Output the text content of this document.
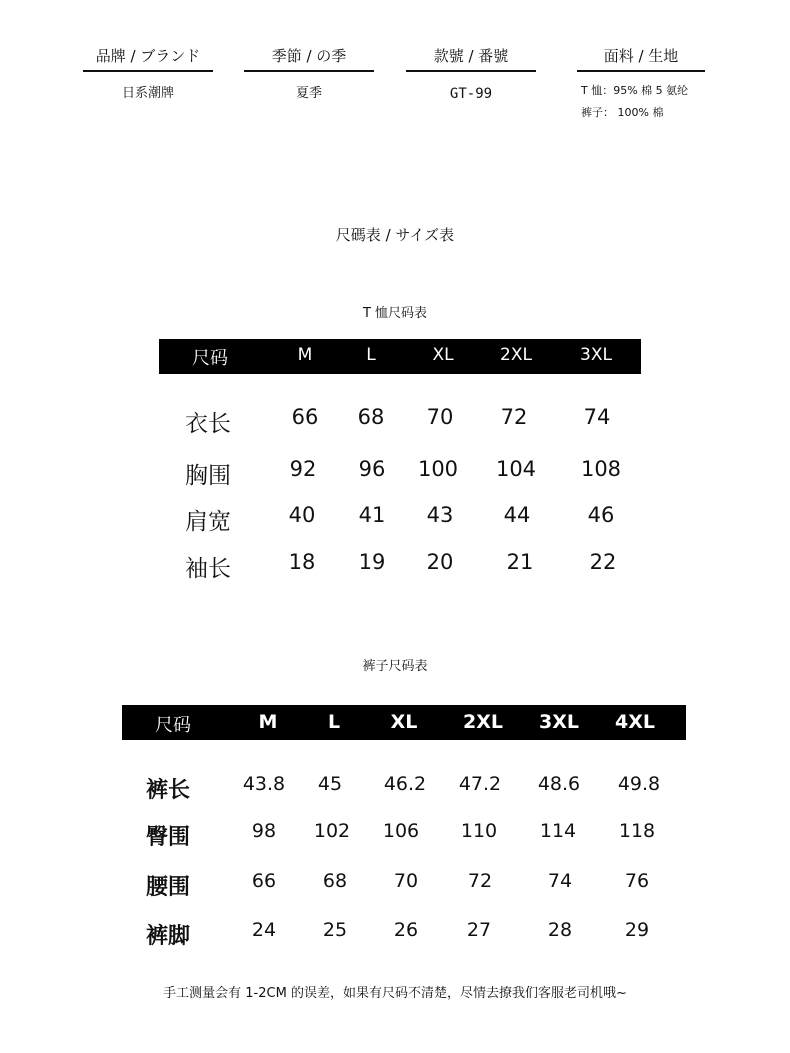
品牌 / ブランド
日系潮牌
季節 / の季
夏季
款號 / 番號
GT-99
面料 / 生地
T 恤：95% 棉 5 氨纶
裤子： 100% 棉
尺碼表 / サイズ表
T 恤尺码表
尺码	M	L	XL	2XL	3XL
衣长	66 68 70 72	74
胸围	92 96 100 104 108
肩宽	40 41 43 44	46
袖长	18 19 20	21	22
裤子尺码表
尺码	M	L	XL 2XL 3XL 4XL
裤长	43.8 45 46.2 47.2 48.6 49.8
臀围	98 102 106 110 114 118
腰围	66 68 70	72	74	76
裤脚	24 25 26	27	28	29
手工测量会有 1-2CM 的误差，如果有尺码不清楚，尽情去撩我们客服老司机哦~
